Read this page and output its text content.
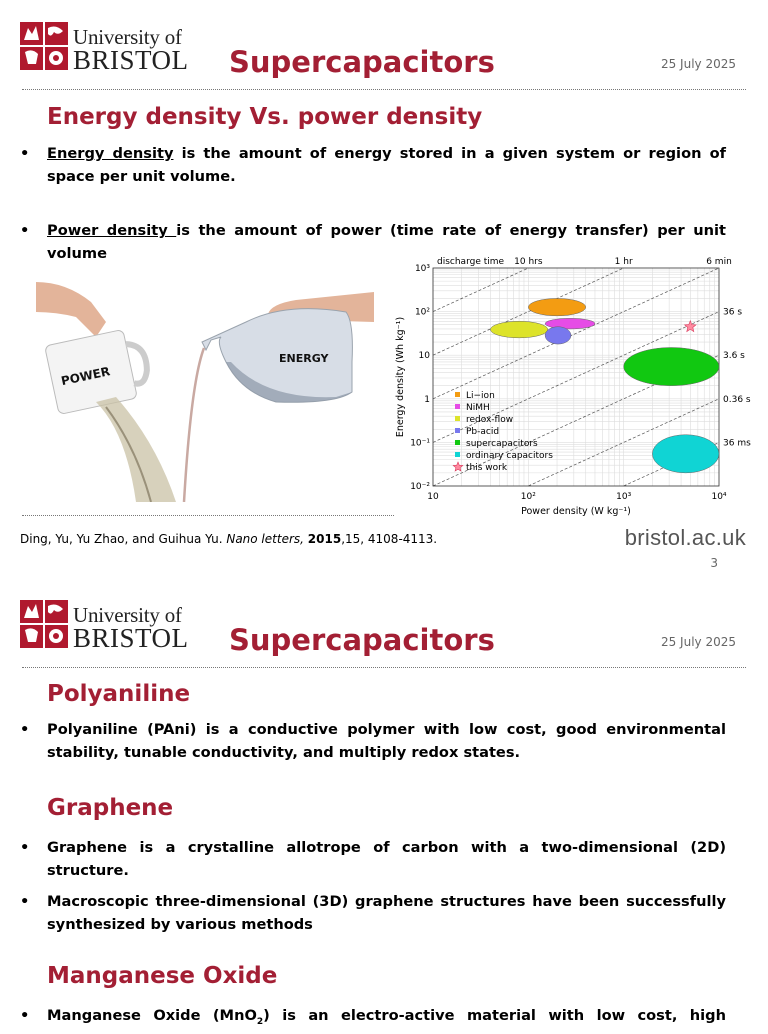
University of
BRISTOL Supercapacitors	25 July 2025
Energy density Vs. power density
• Energy density is the amount of energy stored in a given system or region of space per unit volume.
• Power density is the amount of power (time rate of energy transfer) per unit volume
POWER
ENERGY
10 hrs	1 hr	6 min
36 s
3.6 s
0.36 s
36 ms
10	10²	10³	10⁴
10⁻²
10⁻¹
1
10
10²
10³
Li−ion
NiMH
redox-flow
Pb-acid
supercapacitors
ordinary capacitors
this work
Power density (W kg⁻¹)
Energy density (Wh kg⁻¹)
discharge time
Ding, Yu, Yu Zhao, and Guihua Yu. Nano letters, 2015,15, 4108-4113.	bristol.ac.uk
3
University of
BRISTOL Supercapacitors	25 July 2025
Polyaniline
• Polyaniline (PAni) is a conductive polymer with low cost, good environmental stability, tunable conductivity, and multiply redox states.
Graphene
• Graphene is a crystalline allotrope of carbon with a two-dimensional (2D) structure.
• Macroscopic three-dimensional (3D) graphene structures have been successfully synthesized by various methods
Manganese Oxide
• Manganese Oxide (MnO$_2$) is an electro-active material with low cost, high
